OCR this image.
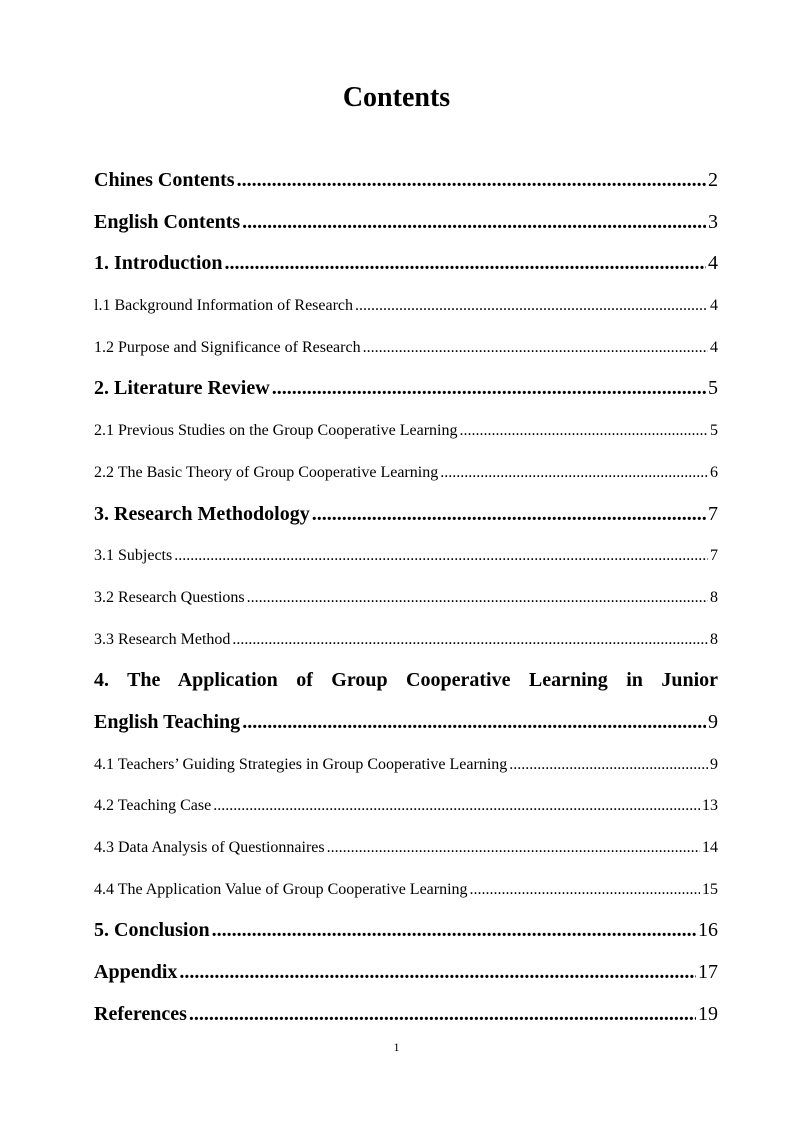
Contents
Chines Contents .....	2
English Contents .....	3
1. Introduction .....	4
l.1 Background Information of Research .....	4
1.2 Purpose and Significance of Research .....	4
2. Literature Review .....	5
2.1 Previous Studies on the Group Cooperative Learning .....	5
2.2 The Basic Theory of Group Cooperative Learning .....	6
3. Research Methodology .....	7
3.1 Subjects .....	7
3.2 Research Questions .....	8
3.3 Research Method .....	8
4. The Application of Group Cooperative Learning in Junior
English Teaching .....	9
4.1 Teachers’ Guiding Strategies in Group Cooperative Learning .....	9
4.2 Teaching Case .....	13
4.3 Data Analysis of Questionnaires .....	14
4.4 The Application Value of Group Cooperative Learning .....	15
5. Conclusion .....	16
Appendix .....	17
References .....	19
1
